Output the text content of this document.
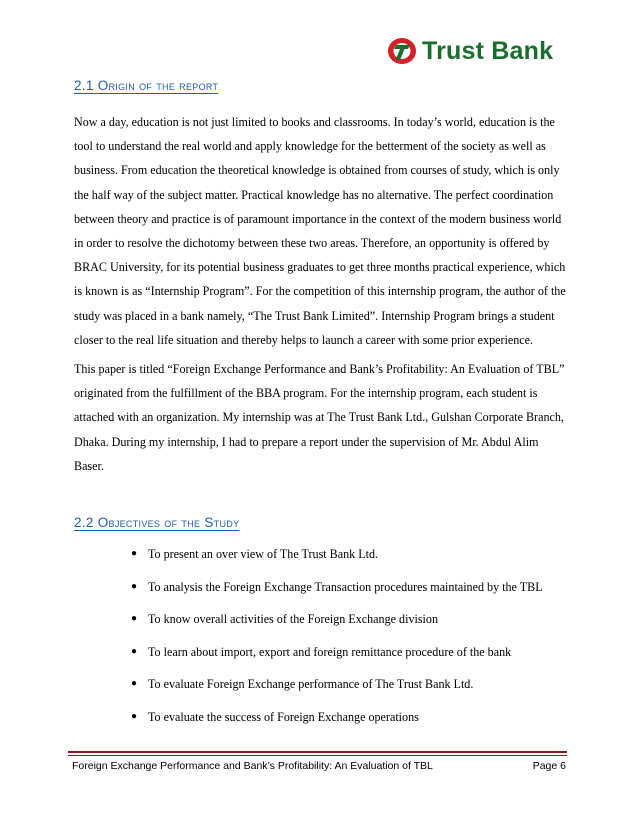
Trust Bank
2.1 Origin of the report

Now a day, education is not just limited to books and classrooms. In today’s world, education is the tool to understand the real world and apply knowledge for the betterment of the society as well as business. From education the theoretical knowledge is obtained from courses of study, which is only the half way of the subject matter. Practical knowledge has no alternative. The perfect coordination between theory and practice is of paramount importance in the context of the modern business world in order to resolve the dichotomy between these two areas. Therefore, an opportunity is offered by BRAC University, for its potential business graduates to get three months practical experience, which is known is as “Internship Program”. For the competition of this internship program, the author of the study was placed in a bank namely, “The Trust Bank Limited”. Internship Program brings a student closer to the real life situation and thereby helps to launch a career with some prior experience.

This paper is titled “Foreign Exchange Performance and Bank’s Profitability: An Evaluation of TBL” originated from the fulfillment of the BBA program. For the internship program, each student is attached with an organization. My internship was at The Trust Bank Ltd., Gulshan Corporate Branch, Dhaka. During my internship, I had to prepare a report under the supervision of Mr. Abdul Alim Baser.

2.2 Objectives of the Study
● To present an over view of The Trust Bank Ltd.
● To analysis the Foreign Exchange Transaction procedures maintained by the TBL
● To know overall activities of the Foreign Exchange division
● To learn about import, export and foreign remittance procedure of the bank
● To evaluate Foreign Exchange performance of The Trust Bank Ltd.
● To evaluate the success of Foreign Exchange operations
Foreign Exchange Performance and Bank’s Profitability: An Evaluation of TBL	Page 6
